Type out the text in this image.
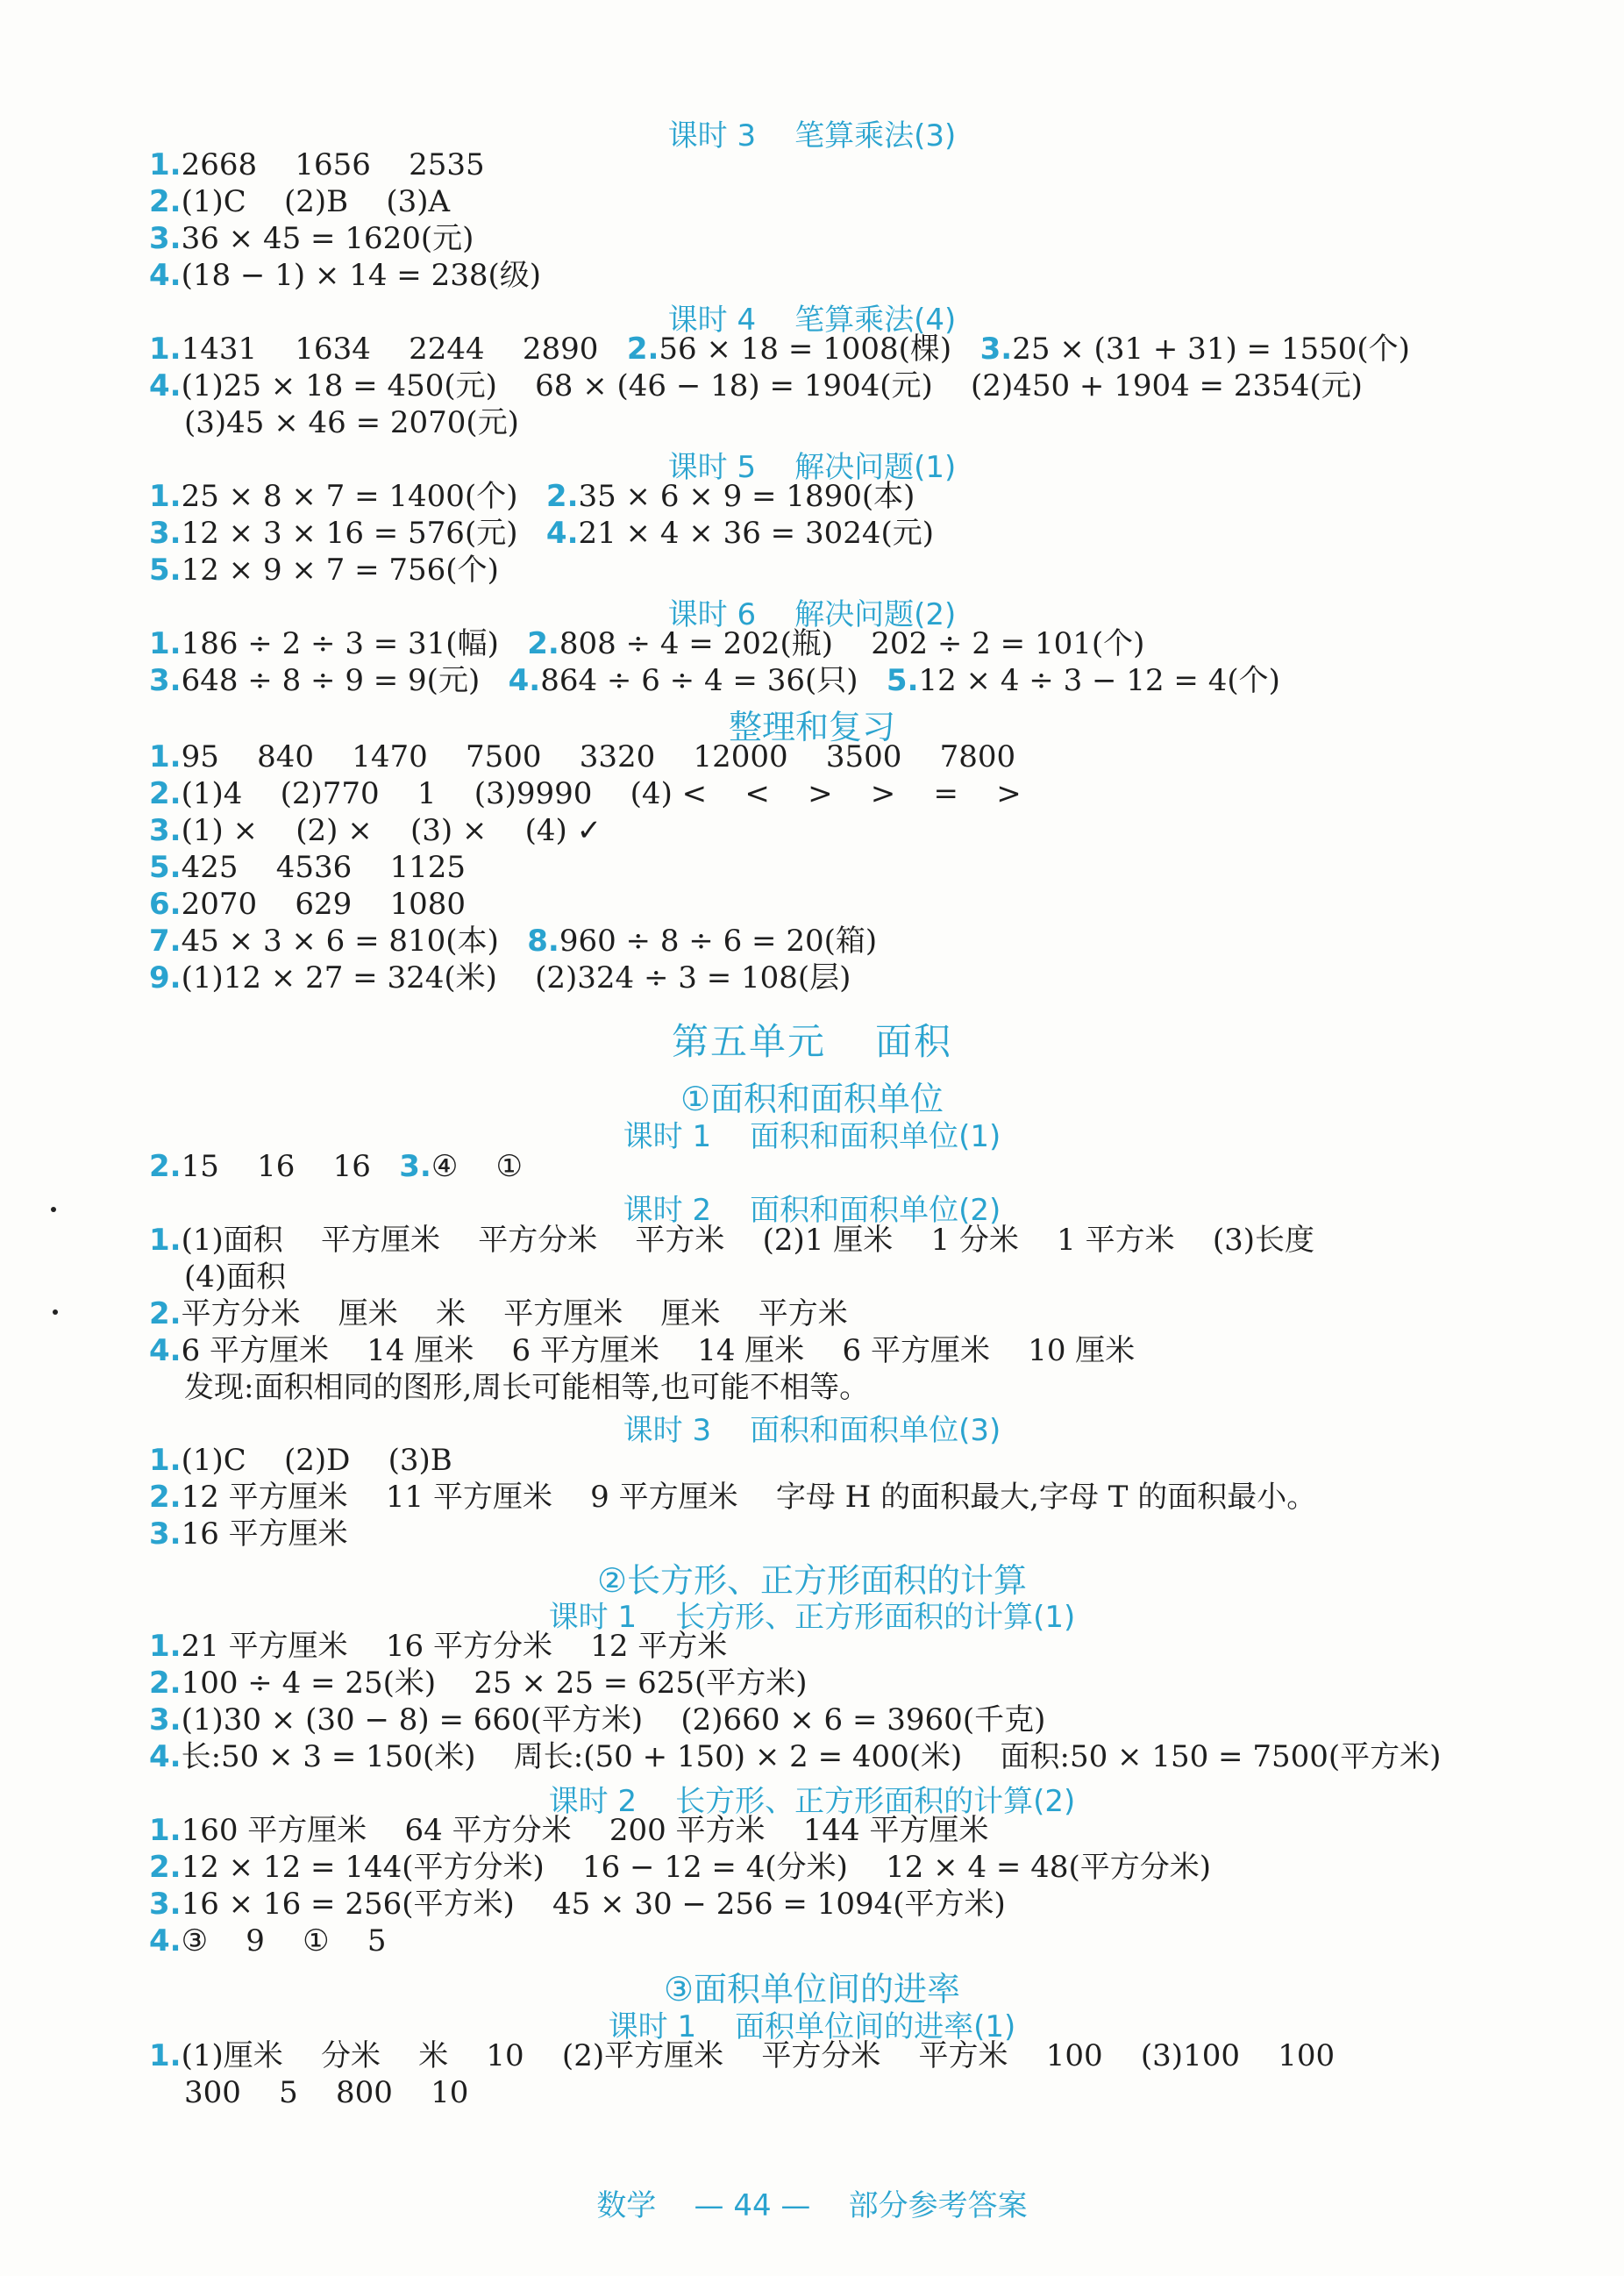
课时 3 笔算乘法(3)
1.2668    1656    2535
2.(1)C    (2)B    (3)A
3.36 × 45 = 1620(元)
4.(18 − 1) × 14 = 238(级)
课时 4 笔算乘法(4)
1.1431    1634    2244    2890   2.56 × 18 = 1008(棵)   3.25 × (31 + 31) = 1550(个)
4.(1)25 × 18 = 450(元)    68 × (46 − 18) = 1904(元)    (2)450 + 1904 = 2354(元)
(3)45 × 46 = 2070(元)
课时 5 解决问题(1)
1.25 × 8 × 7 = 1400(个)   2.35 × 6 × 9 = 1890(本)
3.12 × 3 × 16 = 576(元)   4.21 × 4 × 36 = 3024(元)
5.12 × 9 × 7 = 756(个)
课时 6 解决问题(2)
1.186 ÷ 2 ÷ 3 = 31(幅)   2.808 ÷ 4 = 202(瓶)    202 ÷ 2 = 101(个)
3.648 ÷ 8 ÷ 9 = 9(元)   4.864 ÷ 6 ÷ 4 = 36(只)   5.12 × 4 ÷ 3 − 12 = 4(个)
整理和复习
1.95    840    1470    7500    3320    12000    3500    7800
2.(1)4    (2)770    1    (3)9990    (4) <    <    >    >    =    >
3.(1) ×    (2) ×    (3) ×    (4) ✓
5.425    4536    1125
6.2070    629    1080
7.45 × 3 × 6 = 810(本)   8.960 ÷ 8 ÷ 6 = 20(箱)
9.(1)12 × 27 = 324(米)    (2)324 ÷ 3 = 108(层)
第五单元 面积
①面积和面积单位
课时 1 面积和面积单位(1)
2.15    16    16   3.④    ①
课时 2 面积和面积单位(2)
1.(1)面积    平方厘米    平方分米    平方米    (2)1 厘米    1 分米    1 平方米    (3)长度
(4)面积
2.平方分米    厘米    米    平方厘米    厘米    平方米
4.6 平方厘米    14 厘米    6 平方厘米    14 厘米    6 平方厘米    10 厘米
发现:面积相同的图形,周长可能相等,也可能不相等。
课时 3 面积和面积单位(3)
1.(1)C    (2)D    (3)B
2.12 平方厘米    11 平方厘米    9 平方厘米    字母 H 的面积最大,字母 T 的面积最小。
3.16 平方厘米
②长方形、正方形面积的计算
课时 1 长方形、正方形面积的计算(1)
1.21 平方厘米    16 平方分米    12 平方米
2.100 ÷ 4 = 25(米)    25 × 25 = 625(平方米)
3.(1)30 × (30 − 8) = 660(平方米)    (2)660 × 6 = 3960(千克)
4.长:50 × 3 = 150(米)    周长:(50 + 150) × 2 = 400(米)    面积:50 × 150 = 7500(平方米)
课时 2 长方形、正方形面积的计算(2)
1.160 平方厘米    64 平方分米    200 平方米    144 平方厘米
2.12 × 12 = 144(平方分米)    16 − 12 = 4(分米)    12 × 4 = 48(平方分米)
3.16 × 16 = 256(平方米)    45 × 30 − 256 = 1094(平方米)
4.③    9    ①    5
③面积单位间的进率
课时 1 面积单位间的进率(1)
1.(1)厘米    分米    米    10    (2)平方厘米    平方分米    平方米    100    (3)100    100
300    5    800    10
数学 — 44 — 部分参考答案
